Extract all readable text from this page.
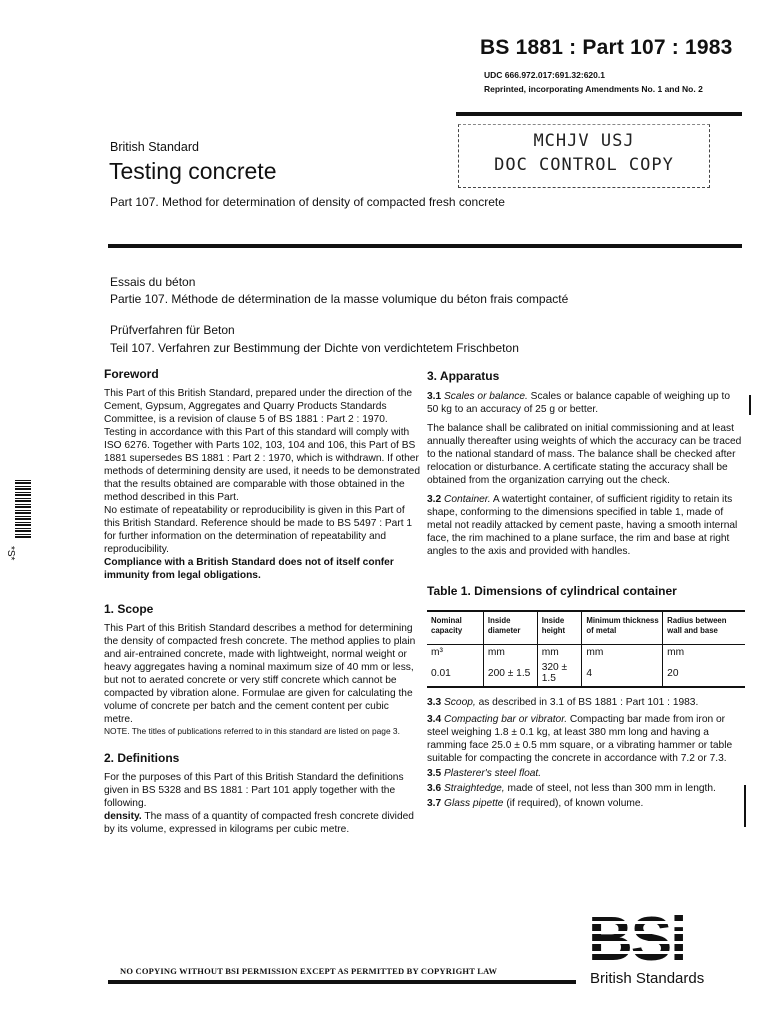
BS 1881 : Part 107 : 1983
UDC 666.972.017:691.32:620.1
Reprinted, incorporating Amendments No. 1 and No. 2
MCHJV USJ
DOC CONTROL COPY
British Standard
Testing concrete
Part 107. Method for determination of density of compacted fresh concrete
Essais du béton
Partie 107. Méthode de détermination de la masse volumique du béton frais compacté
Prüfverfahren für Beton
Teil 107. Verfahren zur Bestimmung der Dichte von verdichtetem Frischbeton
Foreword

This Part of this British Standard, prepared under the direction of the Cement, Gypsum, Aggregates and Quarry Products Standards Committee, is a revision of clause 5 of BS 1881 : Part 2 : 1970. Testing in accordance with this Part of this standard will comply with ISO 6276. Together with Parts 102, 103, 104 and 106, this Part of BS 1881 supersedes BS 1881 : Part 2 : 1970, which is withdrawn. If other methods of determining density are used, it needs to be demonstrated that the results obtained are comparable with those obtained in the method described in this Part.

No estimate of repeatability or reproducibility is given in this Part of this British Standard. Reference should be made to BS 5497 : Part 1 for further information on the determination of repeatability and reproducibility.

Compliance with a British Standard does not of itself confer immunity from legal obligations.

1. Scope

This Part of this British Standard describes a method for determining the density of compacted fresh concrete. The method applies to plain and air-entrained concrete, made with lightweight, normal weight or heavy aggregates having a nominal maximum size of 40 mm or less, but not to aerated concrete or very stiff concrete which cannot be compacted by vibration alone. Formulae are given for calculating the volume of concrete per batch and the cement content per cubic metre.

NOTE. The titles of publications referred to in this standard are listed on page 3.

2. Definitions

For the purposes of this Part of this British Standard the definitions given in BS 5328 and BS 1881 : Part 101 apply together with the following.

density. The mass of a quantity of compacted fresh concrete divided by its volume, expressed in kilograms per cubic metre.

3. Apparatus

3.1 Scales or balance. Scales or balance capable of weighing up to 50 kg to an accuracy of 25 g or better.

The balance shall be calibrated on initial commissioning and at least annually thereafter using weights of which the accuracy can be traced to the national standard of mass. The balance shall be checked after relocation or disturbance. A certificate stating the accuracy shall be obtained from the organization carrying out the check.

3.2 Container. A watertight container, of sufficient rigidity to retain its shape, conforming to the dimensions specified in table 1, made of metal not readily attacked by cement paste, having a smooth internal face, the rim machined to a plane surface, the rim and base at right angles to the axis and provided with handles.

Table 1. Dimensions of cylindrical container
Nominal capacity	Inside diameter	Inside height	Minimum thickness of metal	Radius between wall and base
m³	mm	mm	mm	mm
0.01	200 ± 1.5	320 ± 1.5	4	20

3.3 Scoop, as described in 3.1 of BS 1881 : Part 101 : 1983.

3.4 Compacting bar or vibrator. Compacting bar made from iron or steel weighing 1.8 ± 0.1 kg, at least 380 mm long and having a ramming face 25.0 ± 0.5 mm square, or a vibrating hammer or table suitable for compacting the concrete in accordance with 7.2 or 7.3.

3.5 Plasterer's steel float.

3.6 Straightedge, made of steel, not less than 300 mm in length.

3.7 Glass pipette (if required), of known volume.

*S*
NO COPYING WITHOUT BSI PERMISSION EXCEPT AS PERMITTED BY COPYRIGHT LAW	British Standards
